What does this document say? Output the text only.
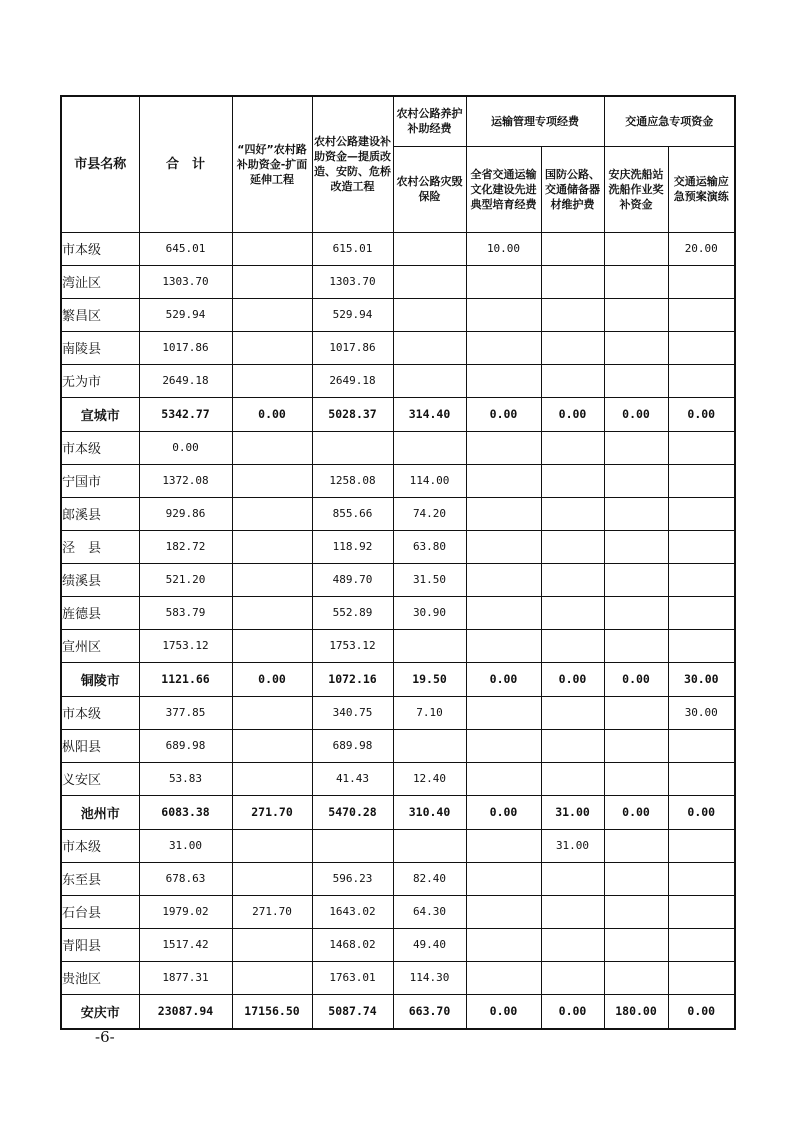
市县名称	合　计	“四好”农村路补助资金-扩面延伸工程	农村公路建设补助资金—提质改造、安防、危桥改造工程	农村公路养护补助经费	运输管理专项经费		交通应急专项资金	
				农村公路灾毁保险	全省交通运输文化建设先进典型培育经费	国防公路、交通储备器材维护费	安庆洗船站洗船作业奖补资金	交通运输应急预案演练
市本级	645.01		615.01		10.00			20.00
湾沚区	1303.70		1303.70					
繁昌区	529.94		529.94					
南陵县	1017.86		1017.86					
无为市	2649.18		2649.18					
宣城市	5342.77	0.00	5028.37	314.40	0.00	0.00	0.00	0.00
市本级	0.00							
宁国市	1372.08		1258.08	114.00				
郎溪县	929.86		855.66	74.20				
泾　县	182.72		118.92	63.80				
绩溪县	521.20		489.70	31.50				
旌德县	583.79		552.89	30.90				
宣州区	1753.12		1753.12					
铜陵市	1121.66	0.00	1072.16	19.50	0.00	0.00	0.00	30.00
市本级	377.85		340.75	7.10				30.00
枞阳县	689.98		689.98					
义安区	53.83		41.43	12.40				
池州市	6083.38	271.70	5470.28	310.40	0.00	31.00	0.00	0.00
市本级	31.00					31.00		
东至县	678.63		596.23	82.40				
石台县	1979.02	271.70	1643.02	64.30				
青阳县	1517.42		1468.02	49.40				
贵池区	1877.31		1763.01	114.30				
安庆市	23087.94	17156.50	5087.74	663.70	0.00	0.00	180.00	0.00
-6-
